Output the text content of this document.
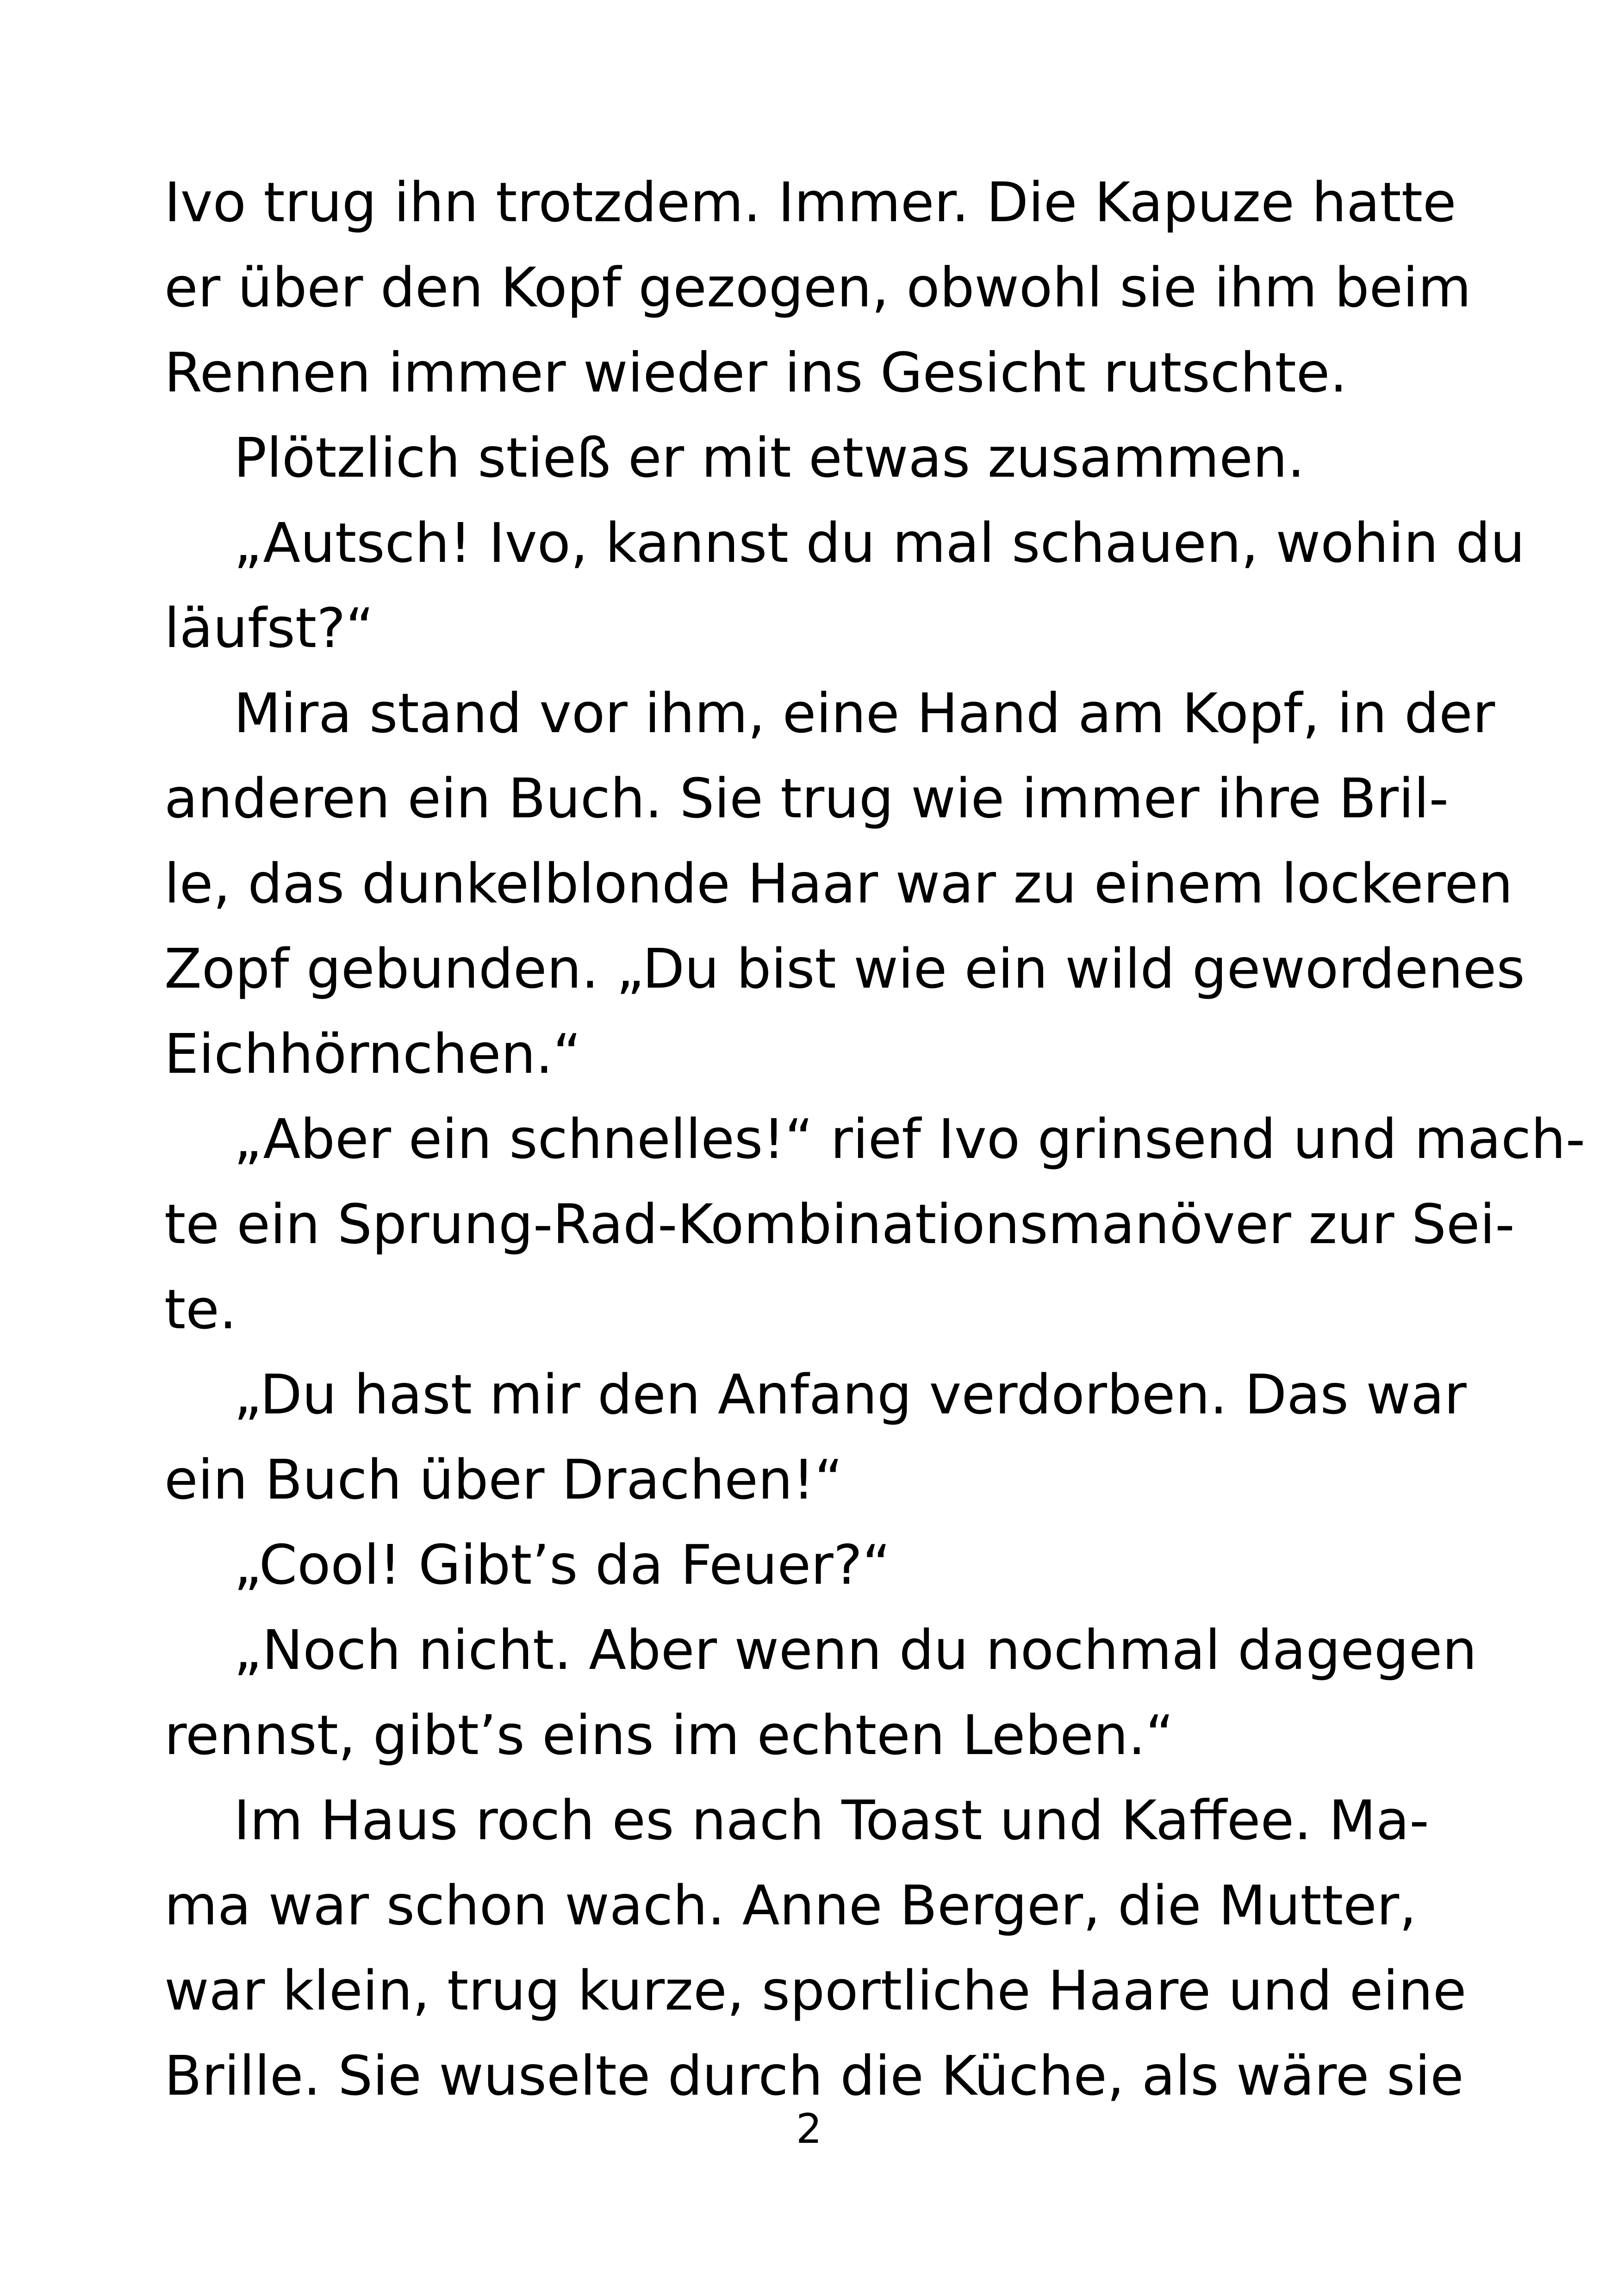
Ivo trug ihn trotzdem. Immer. Die Kapuze hatte
er über den Kopf gezogen, obwohl sie ihm beim
Rennen immer wieder ins Gesicht rutschte.
Plötzlich stieß er mit etwas zusammen.
„Autsch! Ivo, kannst du mal schauen, wohin du
läufst?“
Mira stand vor ihm, eine Hand am Kopf, in der
anderen ein Buch. Sie trug wie immer ihre Bril-
le, das dunkelblonde Haar war zu einem lockeren
Zopf gebunden. „Du bist wie ein wild gewordenes
Eichhörnchen.“
„Aber ein schnelles!“ rief Ivo grinsend und mach-
te ein Sprung-Rad-Kombinationsmanöver zur Sei-
te.
„Du hast mir den Anfang verdorben. Das war
ein Buch über Drachen!“
„Cool! Gibt’s da Feuer?“
„Noch nicht. Aber wenn du nochmal dagegen
rennst, gibt’s eins im echten Leben.“
Im Haus roch es nach Toast und Kaffee. Ma-
ma war schon wach. Anne Berger, die Mutter,
war klein, trug kurze, sportliche Haare und eine
Brille. Sie wuselte durch die Küche, als wäre sie
2
